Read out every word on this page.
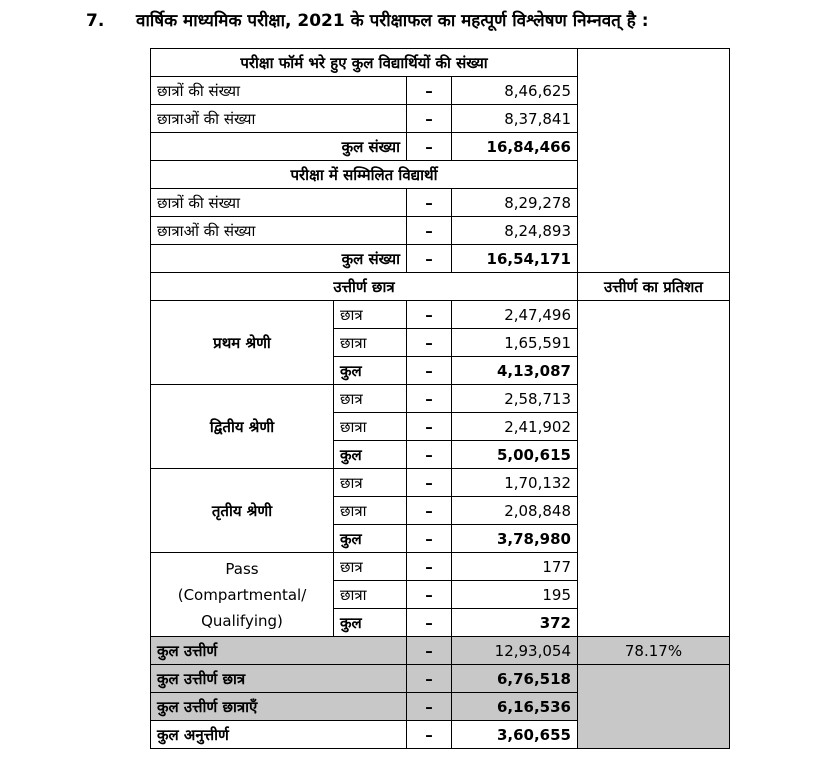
7. वार्षिक माध्यमिक परीक्षा, 2021 के परीक्षाफल का महत्पूर्ण विश्लेषण निम्नवत् है :
परीक्षा फॉर्म भरे हुए कुल विद्यार्थियों की संख्या				
छात्रों की संख्या		–	8,46,625	
छात्राओं की संख्या		–	8,37,841	
कुल संख्या		–	16,84,466	
परीक्षा में सम्मिलित विद्यार्थी				
छात्रों की संख्या		–	8,29,278	
छात्राओं की संख्या		–	8,24,893	
कुल संख्या		–	16,54,171	
उत्तीर्ण छात्र				उत्तीर्ण का प्रतिशत
प्रथम श्रेणी	छात्र	–	2,47,496	
	छात्रा	–	1,65,591	
	कुल	–	4,13,087	
द्वितीय श्रेणी	छात्र	–	2,58,713	
	छात्रा	–	2,41,902	
	कुल	–	5,00,615	
तृतीय श्रेणी	छात्र	–	1,70,132	
	छात्रा	–	2,08,848	
	कुल	–	3,78,980	

Pass
(Compartmental/
Qualifying)	छात्र	–	177	
	छात्रा	–	195	
	कुल	–	372	
कुल उत्तीर्ण		–	12,93,054	78.17%
कुल उत्तीर्ण छात्र		–	6,76,518	
कुल उत्तीर्ण छात्राएँ		–	6,16,536	
कुल अनुत्तीर्ण		–	3,60,655	
